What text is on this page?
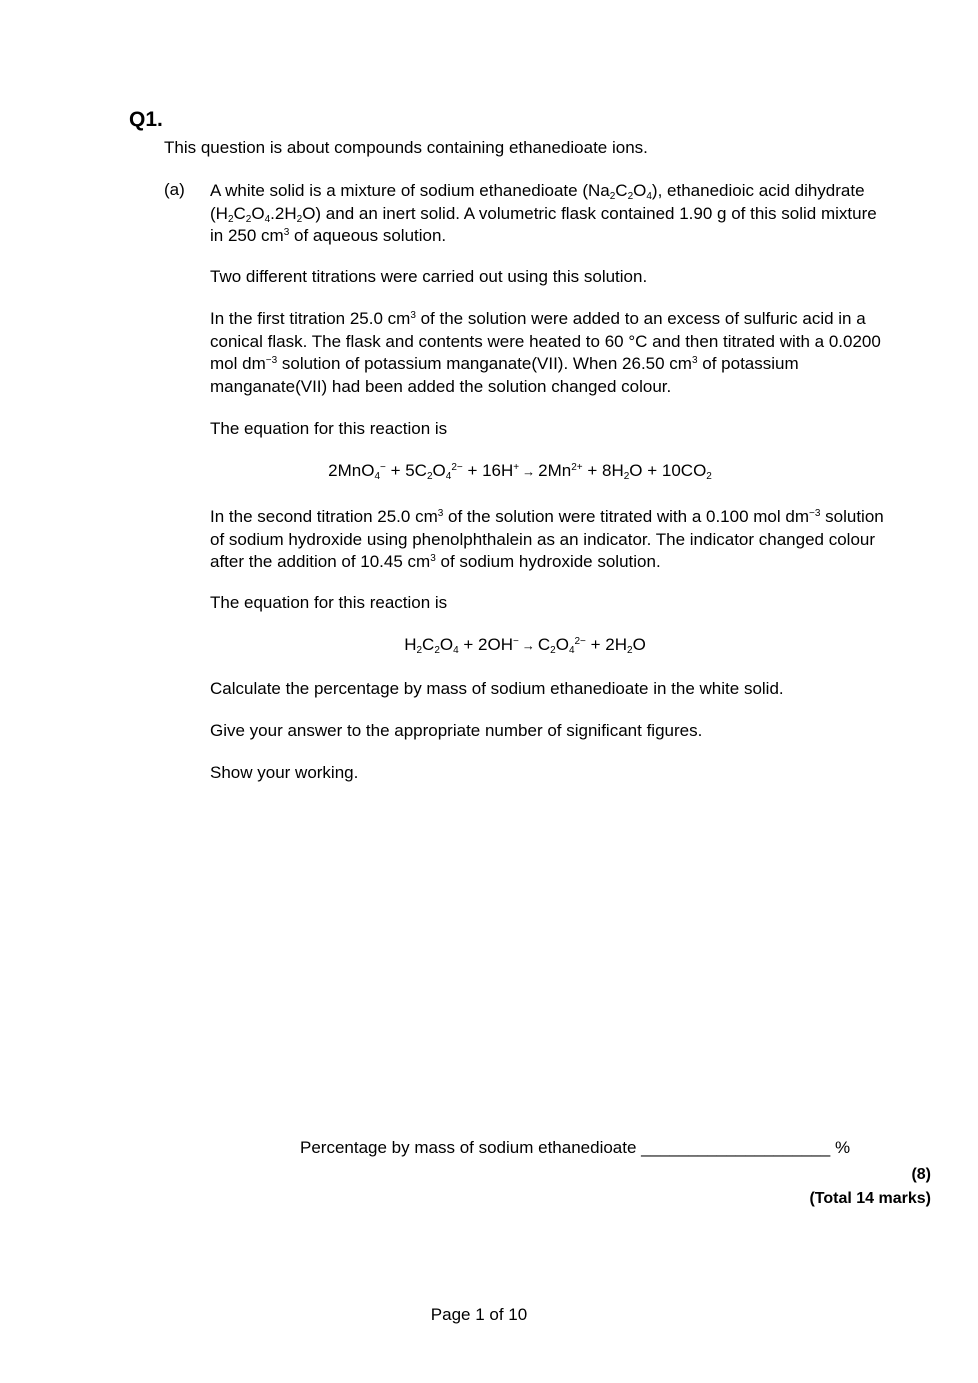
Q1.
This question is about compounds containing ethanedioate ions.
(a) A white solid is a mixture of sodium ethanedioate $(Na_2C_2O_4)$, ethanedioic acid dihydrate $(H_2C_2O_4.2H_2O)$ and an inert solid. A volumetric flask contained 1.90 g of this solid mixture in 250 $cm^3$ of aqueous solution.
Two different titrations were carried out using this solution.
In the first titration 25.0 $cm^3$ of the solution were added to an excess of sulfuric acid in a conical flask. The flask and contents were heated to 60 °C and then titrated with a 0.0200 mol $dm^{-3}$ solution of potassium manganate(VII). When 26.50 $cm^3$ of potassium manganate(VII) had been added the solution changed colour.
The equation for this reaction is
$2MnO_4^- + 5C_2O_4^{2-} + 16H^+ \to 2Mn^{2+} + 8H_2O + 10CO_2$
In the second titration 25.0 $cm^3$ of the solution were titrated with a 0.100 mol $dm^{-3}$ solution of sodium hydroxide using phenolphthalein as an indicator. The indicator changed colour after the addition of 10.45 $cm^3$ of sodium hydroxide solution.
The equation for this reaction is
$H_2C_2O_4 + 2OH^- \to C_2O_4^{2-} + 2H_2O$
Calculate the percentage by mass of sodium ethanedioate in the white solid.
Give your answer to the appropriate number of significant figures.
Show your working.
Percentage by mass of sodium ethanedioate ____________________ %
(8)
(Total 14 marks)
Page 1 of 10
